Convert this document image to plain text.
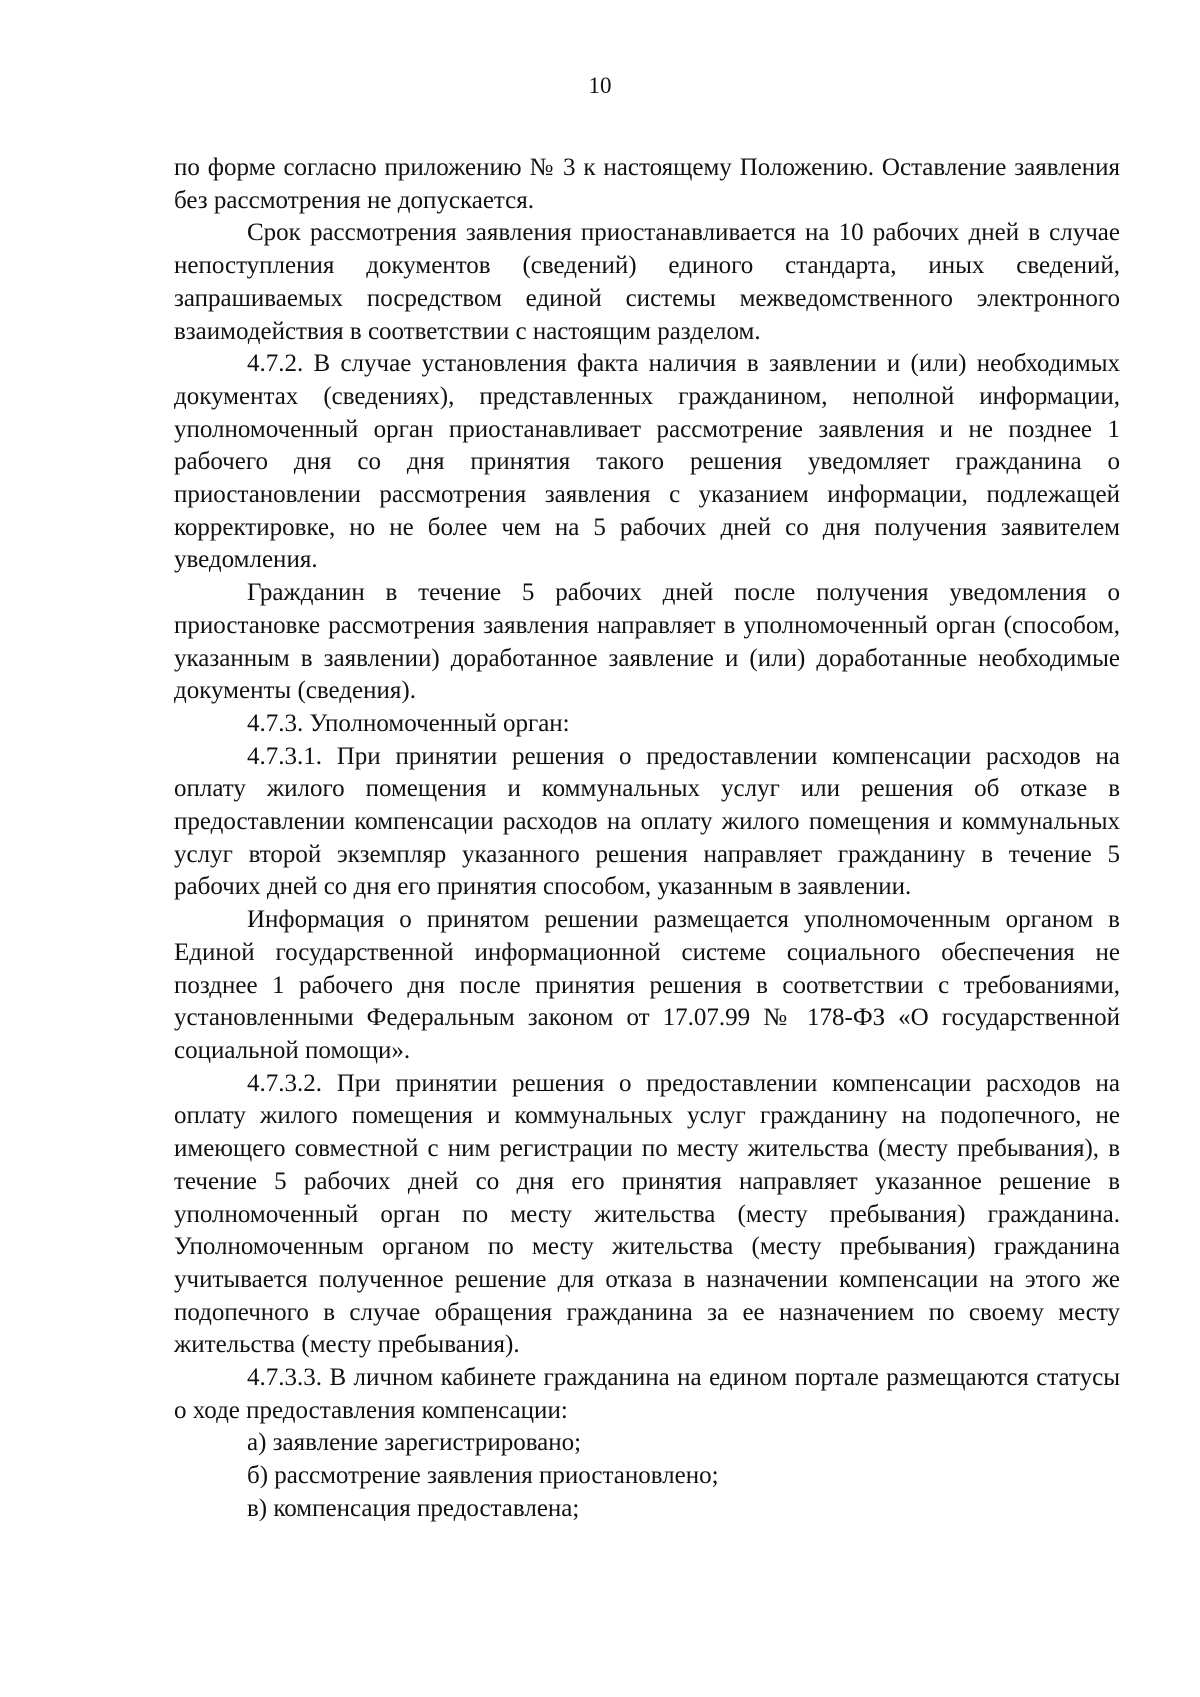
10

по форме согласно приложению № 3 к настоящему Положению. Оставление заявления без рассмотрения не допускается.

Срок рассмотрения заявления приостанавливается на 10 рабочих дней в случае непоступления документов (сведений) единого стандарта, иных сведений, запрашиваемых посредством единой системы межведомственного электронного взаимодействия в соответствии с настоящим разделом.

4.7.2. В случае установления факта наличия в заявлении и (или) необходимых документах (сведениях), представленных гражданином, неполной информации, уполномоченный орган приостанавливает рассмотрение заявления и не позднее 1 рабочего дня со дня принятия такого решения уведомляет гражданина о приостановлении рассмотрения заявления с указанием информации, подлежащей корректировке, но не более чем на 5 рабочих дней со дня получения заявителем уведомления.

Гражданин в течение 5 рабочих дней после получения уведомления о приостановке рассмотрения заявления направляет в уполномоченный орган (способом, указанным в заявлении) доработанное заявление и (или) доработанные необходимые документы (сведения).

4.7.3. Уполномоченный орган:

4.7.3.1. При принятии решения о предоставлении компенсации расходов на оплату жилого помещения и коммунальных услуг или решения об отказе в предоставлении компенсации расходов на оплату жилого помещения и коммунальных услуг второй экземпляр указанного решения направляет гражданину в течение 5 рабочих дней со дня его принятия способом, указанным в заявлении.

Информация о принятом решении размещается уполномоченным органом в Единой государственной информационной системе социального обеспечения не позднее 1 рабочего дня после принятия решения в соответствии с требованиями, установленными Федеральным законом от 17.07.99 № 178-ФЗ «О государственной социальной помощи».

4.7.3.2. При принятии решения о предоставлении компенсации расходов на оплату жилого помещения и коммунальных услуг гражданину на подопечного, не имеющего совместной с ним регистрации по месту жительства (месту пребывания), в течение 5 рабочих дней со дня его принятия направляет указанное решение в уполномоченный орган по месту жительства (месту пребывания) гражданина. Уполномоченным органом по месту жительства (месту пребывания) гражданина учитывается полученное решение для отказа в назначении компенсации на этого же подопечного в случае обращения гражданина за ее назначением по своему месту жительства (месту пребывания).

4.7.3.3. В личном кабинете гражданина на едином портале размещаются статусы о ходе предоставления компенсации:

а) заявление зарегистрировано;

б) рассмотрение заявления приостановлено;

в) компенсация предоставлена;
